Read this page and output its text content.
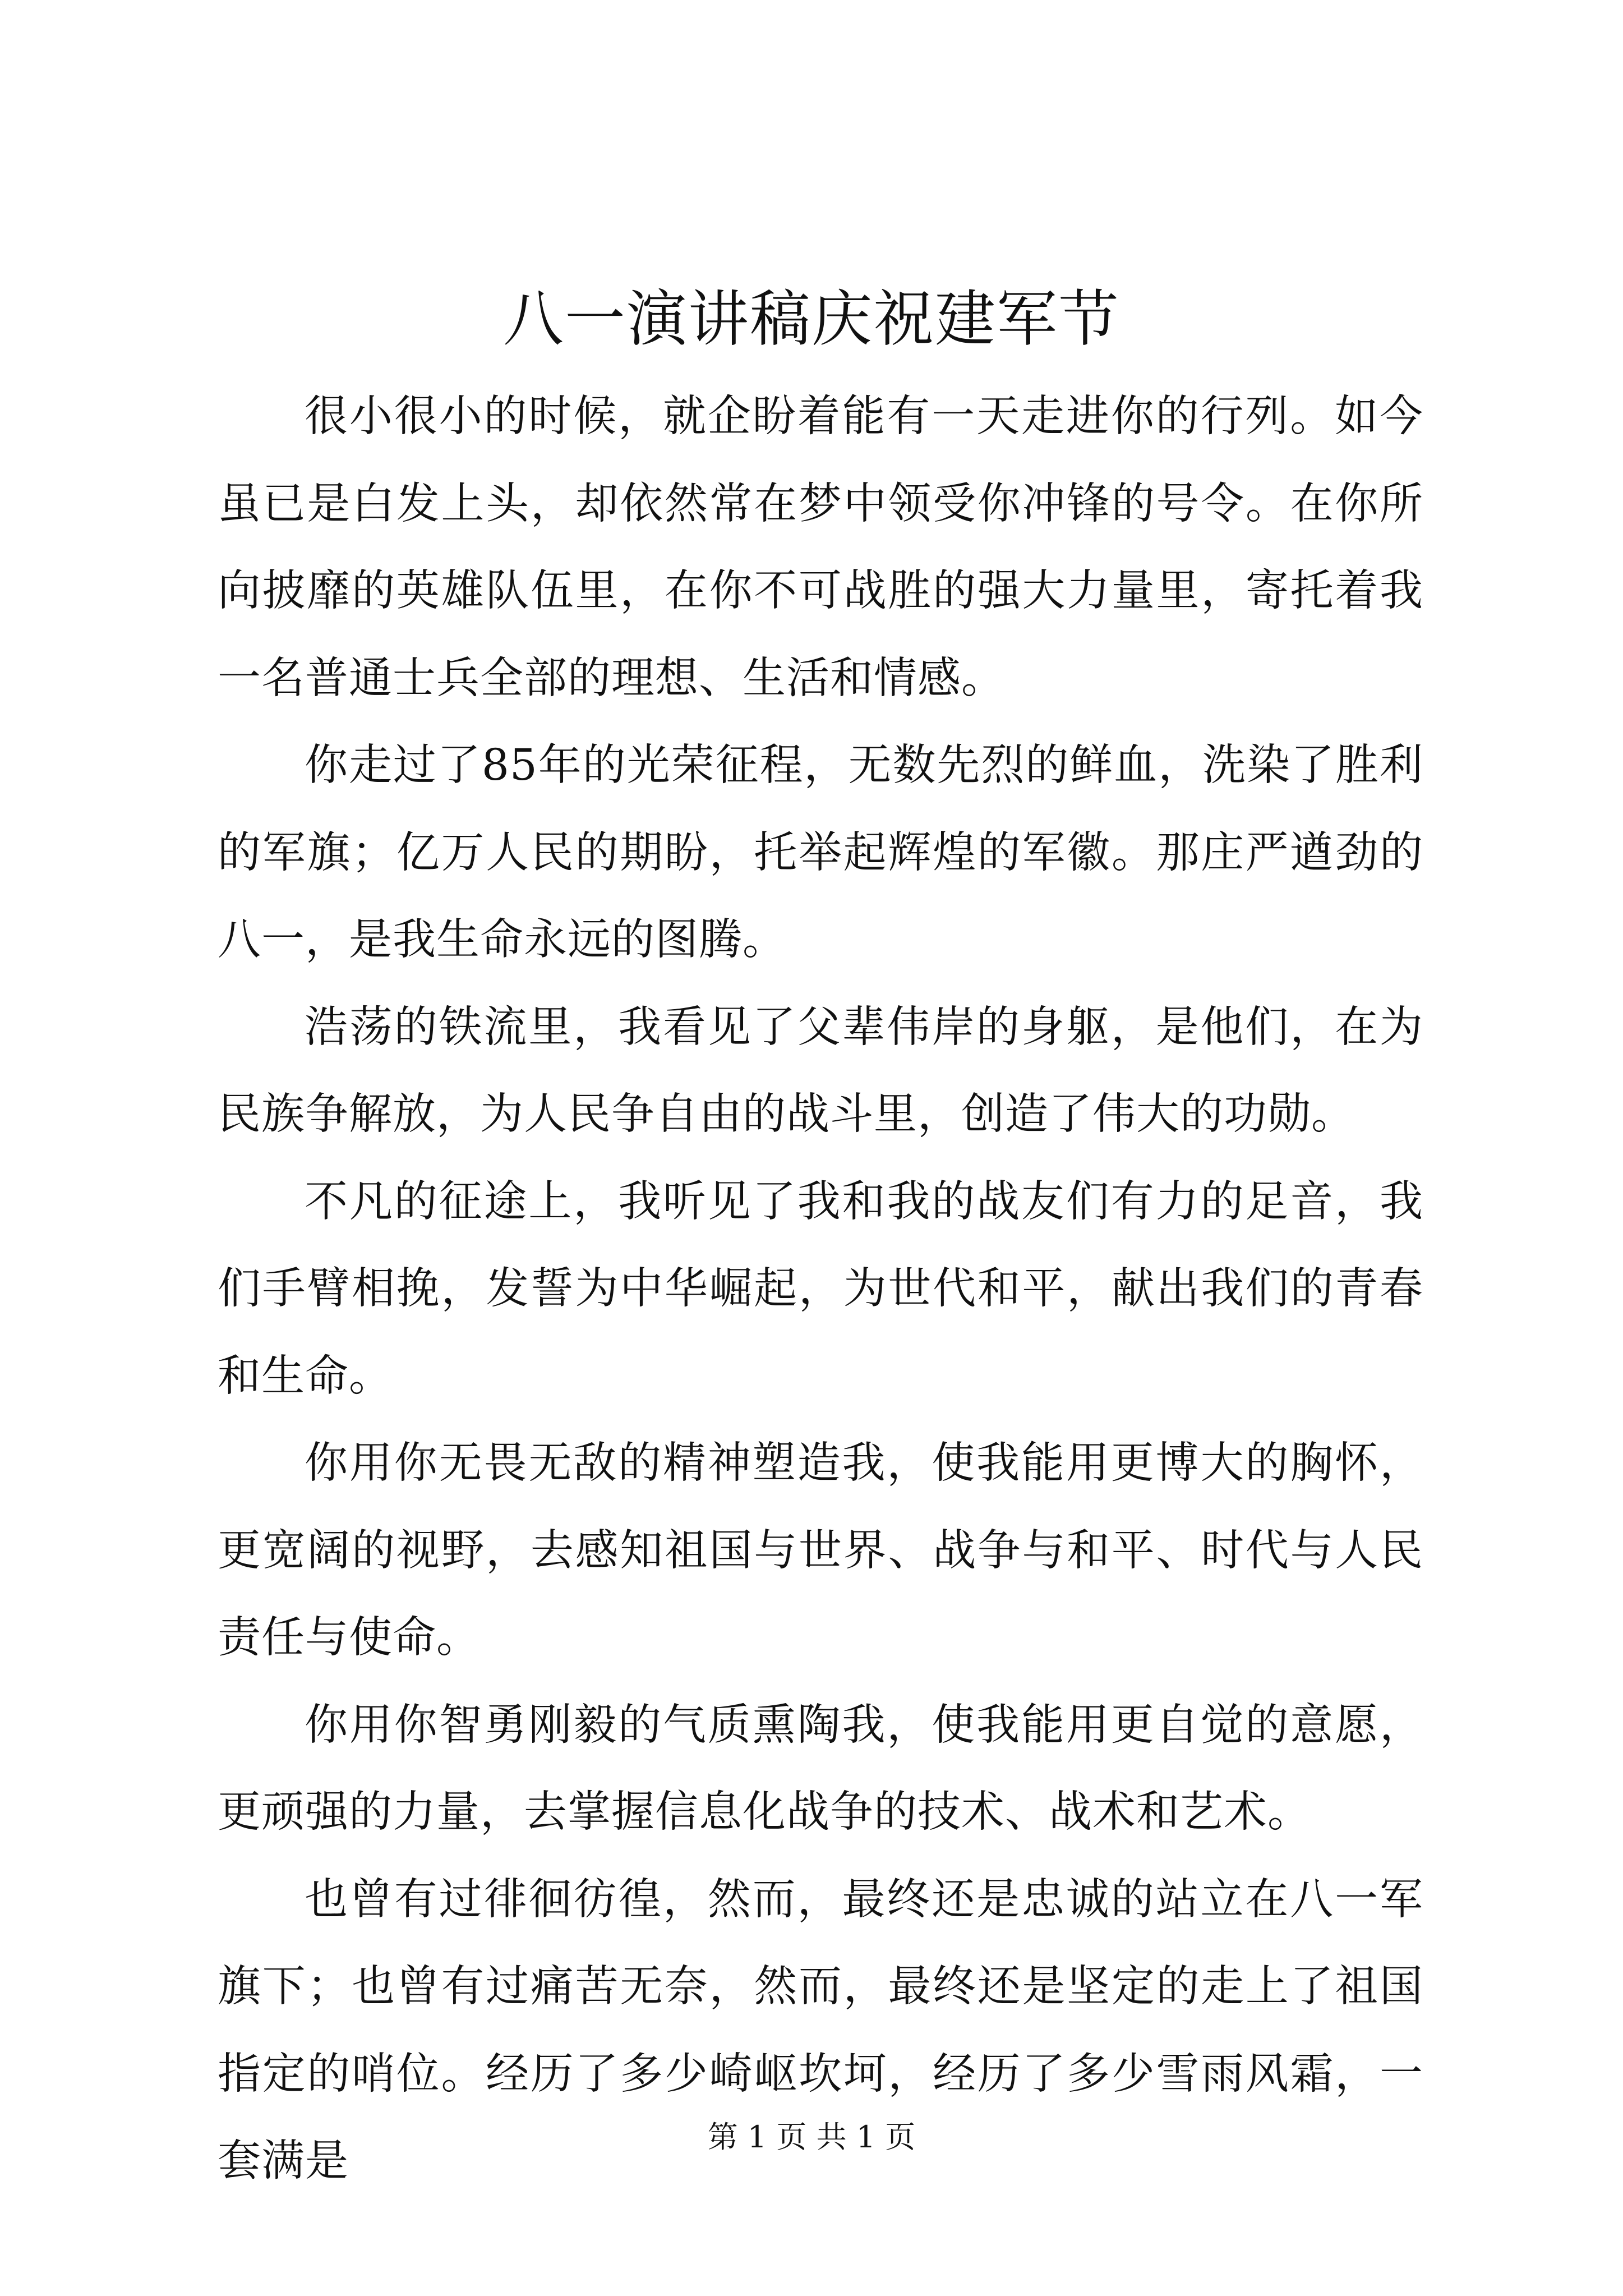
八一演讲稿庆祝建军节

很小很小的时候，就企盼着能有一天走进你的行列。如今虽已是白发上头，却依然常在梦中领受你冲锋的号令。在你所向披靡的英雄队伍里，在你不可战胜的强大力量里，寄托着我一名普通士兵全部的理想、生活和情感。

你走过了85年的光荣征程，无数先烈的鲜血，洗染了胜利的军旗；亿万人民的期盼，托举起辉煌的军徽。那庄严遒劲的八一，是我生命永远的图腾。

浩荡的铁流里，我看见了父辈伟岸的身躯，是他们，在为民族争解放，为人民争自由的战斗里，创造了伟大的功勋。

不凡的征途上，我听见了我和我的战友们有力的足音，我们手臂相挽，发誓为中华崛起，为世代和平，献出我们的青春和生命。

你用你无畏无敌的精神塑造我，使我能用更博大的胸怀，更宽阔的视野，去感知祖国与世界、战争与和平、时代与人民责任与使命。

你用你智勇刚毅的气质熏陶我，使我能用更自觉的意愿，更顽强的力量，去掌握信息化战争的技术、战术和艺术。

也曾有过徘徊彷徨，然而，最终还是忠诚的站立在八一军旗下；也曾有过痛苦无奈，然而，最终还是坚定的走上了祖国指定的哨位。经历了多少崎岖坎坷，经历了多少雪雨风霜，一套满是	第 1 页 共 1 页
